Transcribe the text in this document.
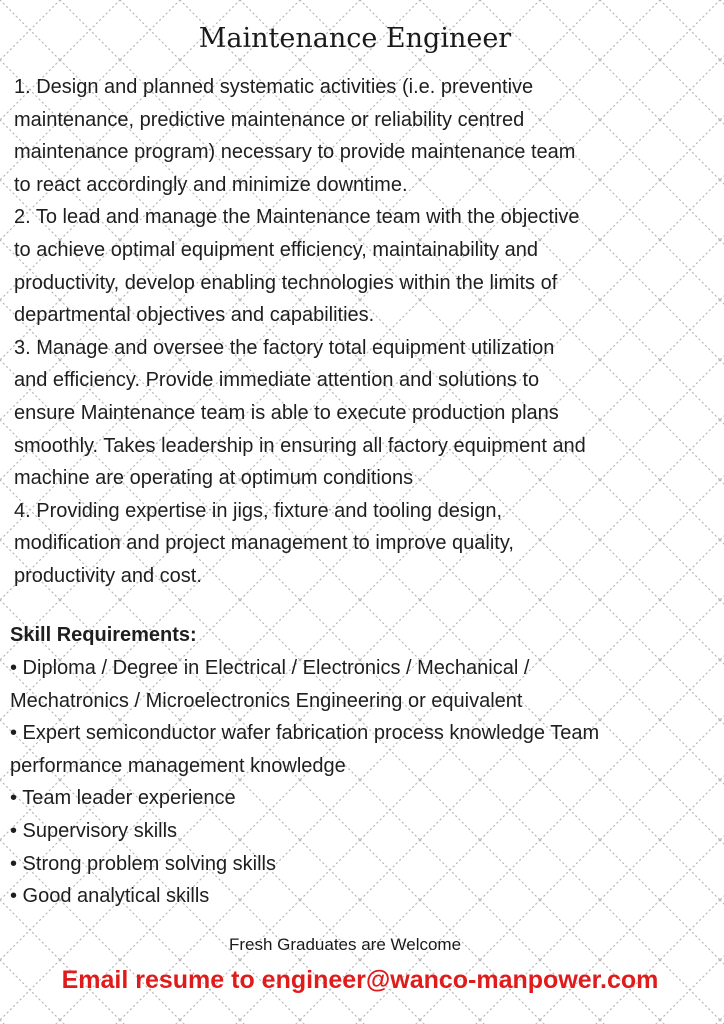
Maintenance Engineer
1. Design and planned systematic activities (i.e. preventive
maintenance, predictive maintenance or reliability centred
maintenance program) necessary to provide maintenance team
to react accordingly and minimize downtime.
2. To lead and manage the Maintenance team with the objective
to achieve optimal equipment efficiency, maintainability and
productivity, develop enabling technologies within the limits of
departmental objectives and capabilities.
3. Manage and oversee the factory total equipment utilization
and efficiency. Provide immediate attention and solutions to
ensure Maintenance team is able to execute production plans
smoothly. Takes leadership in ensuring all factory equipment and
machine are operating at optimum conditions
4. Providing expertise in jigs, fixture and tooling design,
modification and project management to improve quality,
productivity and cost.
Skill Requirements:
• Diploma / Degree in Electrical / Electronics / Mechanical /
Mechatronics / Microelectronics Engineering or equivalent
• Expert semiconductor wafer fabrication process knowledge Team
performance management knowledge
• Team leader experience
• Supervisory skills
• Strong problem solving skills
• Good analytical skills
Fresh Graduates are Welcome
Email resume to engineer@wanco-manpower.com
